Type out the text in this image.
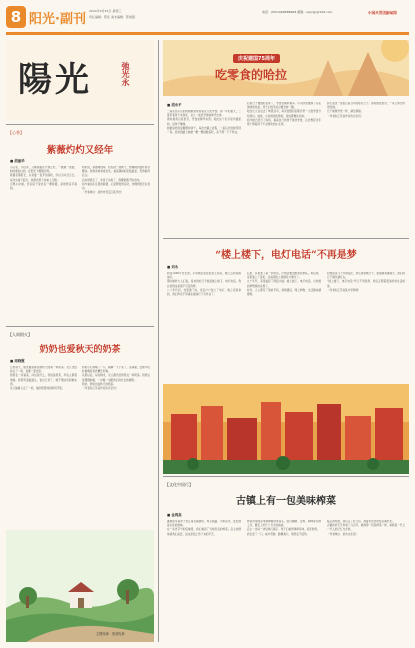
8 阳光·副刊
2024年9月25日 星期三
责任编辑：陈佳 美术编辑：陈建强
电话：(0514)68686968 邮箱：sq(cqj)@126.com	中国共青团新闻网
陽光	弛光永
【心香】
紫薇灼灼又经年
■ 胡丽华
小区里，小径旁，几株紫薇花开得正好，一簇簇一团团，粉的紫的白的，在阳光下熠熠生辉。
紫薇花期很长，从初夏一直开到深秋，所以又叫百日红。每次从树下经过，我都会停下来看上几眼。
记得小时候，老家院子里也有一棵紫薇，是奶奶亲手栽的。
奶奶说，紫薇树怕痒，轻轻挠一挠树干，整棵树的枝叶都会颤动。我和弟弟常常去试，看着满树的花枝摇晃，笑得前仰后合。
后来奶奶走了，老房子也拆了，那棵紫薇不知去向。
如今看到小区里的紫薇，心里便觉得亲切，仿佛奶奶还在身边。
（作者单位：扬州市邗江区某学校）
【人间烟火】
奶奶也爱秋天的奶茶
■ 周晓霞
立秋那天，朋友圈里都在晒秋天的第一杯奶茶。女儿也给我点了一杯，说要一起尝尝。
奶奶在一旁看着，问这是什么，我说是奶茶，年轻人都喜欢喝。奶奶笑着摇摇头，说自己老了，喝不惯这些新鲜东西。
女儿偷偷又点了一杯，插好吸管递到奶奶手里。
奶奶小心地喝了一口，眼睛一下子亮了，说真甜，比她年轻时候喝的麦乳精还好喝。
从那以后，每到周末，女儿都会给奶奶点一杯奶茶。奶奶总是慢慢地喝，一边喝一边跟我们讲过去的事情。
原来，奶奶也爱秋天的奶茶。
（作者系江苏省作家协会会员）
文图传承 · 美食传承
庆祝建国75周年
吃零食的哈拉
■ 胡永平
二哥家住小区的时候就常常背着女儿吃零食。那一年的夏天，二哥带着孩子来我家，女儿一看见零食就伸手去拿。
那时候我们家里穷，零食是稀罕东西。哈拉这个名字是外婆起的，说孩子嘴馋。
她最爱吃的是糖果和饼干。每次去镇上赶集，二哥总会给她带回一包。回来的路上她就一颗一颗地数着吃，舍不得一下子吃完。
后来日子慢慢好起来了，零食也越来越多。小卖部里摆满了花花绿绿的包装，孩子们放学后总要去转一圈。
哈拉长大以后去了城里读书，每次放假回家都会带一大袋零食分给我们。她说，小时候没吃够的，现在都要补回来。
如今她已经当了妈妈，看着自己的孩子挑选零食，总会想起当年那个捧着饼干不舍得吃的小女孩。
我心里也一直惦记着当年的那些日子。那时候虽然穷，一家人却过得很热闹。
日子就像零食一样，越过越甜。
（作者系江苏省作家协会会员）
“楼上楼下，电灯电话”不再是梦
■ 刘永
我是1960年出生的，小时候家里住的是土坯房，晚上点的是煤油灯。
那时候听大人们说，将来的好日子就是楼上楼下，电灯电话。我总觉得这是遥不可及的梦。
八十年代初，村里通了电，家家户户装上了电灯，晚上亮堂堂的，我们再也不用凑在煤油灯下写作业了。
后来，乡里装了第一部电话，打电话要去邮电所排队。再后来，家里装上了座机，亲戚朋友之间联系方便多了。
九十年代，家里盖起了两层小楼。楼上楼下，电灯电话，小时候的梦想真的实现了。
如今，人人都有了智能手机，视频通话、网上购物，生活越来越便利。
回想起这几十年的变化，我心里感慨万千。祖国越来越强大，我们的日子越过越红火。
“楼上楼下，电灯电话”早已不再是梦，我们正朝着更美好的生活前进。
（作者系江苏省某中学教师）
【文化中国行】
古镇上有一包美味榨菜
■ 金鸿高
暑假里带着孩子去江南古镇游玩，青石板路，小桥流水，处处透着古朴的韵味。
在一家老字号的店铺里，我们看到了当地有名的榨菜。店主热情地请我们品尝，说这是祖上传下来的手艺。
榨菜选用的是本地种植的青菜头，经过腌制、压榨、调味等多道工序，要花上好几个月才能做成。
店主一边说一边给我们演示，孩子们看得津津有味，连连称奇。
我们尝了一口，咸中带鲜，脆嫩爽口，果然名不虚传。
临走的时候，我们买了好几包，准备带回去送给亲朋好友。
古镇的老手艺传承了几百年，就像那一包包榨菜一样，承载着一代又一代人的记忆与乡愁。
（作者单位：某市文化馆）
